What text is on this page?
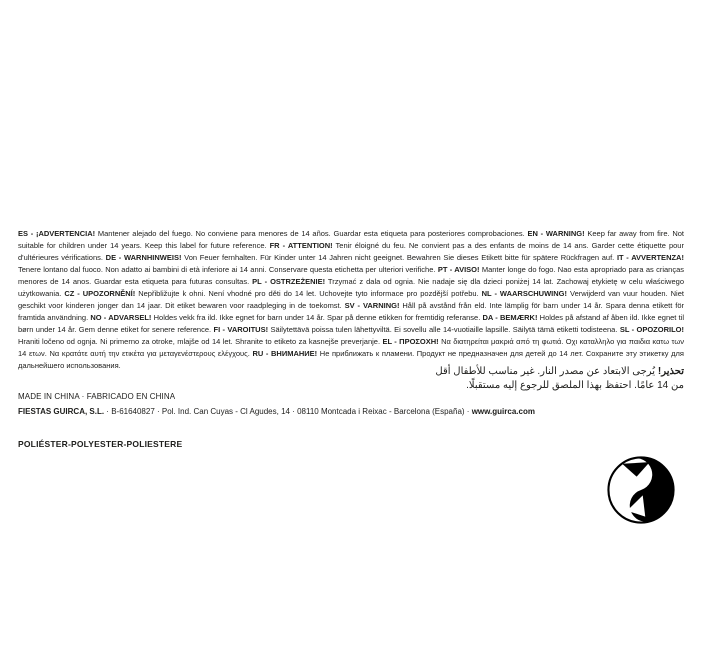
ES - ¡ADVERTENCIA! Mantener alejado del fuego. No conviene para menores de 14 años. Guardar esta etiqueta para posteriores comprobaciones. EN - WARNING! Keep far away from fire. Not suitable for children under 14 years. Keep this label for future reference. FR - ATTENTION! Tenir éloigné du feu. Ne convient pas a des enfants de moins de 14 ans. Garder cette étiquette pour d'ultérieures vérifications. DE - WARNHINWEIS! Von Feuer fernhalten. Für Kinder unter 14 Jahren nicht geeignet. Bewahren Sie dieses Etikett bitte für spätere Rückfragen auf. IT - AVVERTENZA! Tenere lontano dal fuoco. Non adatto ai bambini di età inferiore ai 14 anni. Conservare questa etichetta per ulteriori verifiche. PT - AVISO! Manter longe do fogo. Nao esta apropriado para as crianças menores de 14 anos. Guardar esta etiqueta para futuras consultas. PL - OSTRZEŻENIE! Trzymać z dala od ognia. Nie nadaje się dla dzieci poniżej 14 lat. Zachowaj etykietę w celu właściwego użytkowania. CZ - UPOZORNĚNÍ! Nepřibližujte k ohni. Není vhodné pro děti do 14 let. Uchovejte tyto informace pro pozdější potřebu. NL - WAARSCHUWING! Verwijderd van vuur houden. Niet geschikt voor kinderen jonger dan 14 jaar. Dit etiket bewaren voor raadpleging in de toekomst. SV - VARNING! Håll på avstånd från eld. Inte lämplig för barn under 14 år. Spara denna etikett för framtida användning. NO - ADVARSEL! Holdes vekk fra ild. Ikke egnet for barn under 14 år. Spar på denne etikken for fremtidig referanse. DA - BEMÆRK! Holdes på afstand af åben ild. Ikke egnet til børn under 14 år. Gem denne etiket for senere reference. FI - VAROITUS! Säilytettävä poissa tulen lähettyviltä. Ei sovellu alle 14-vuotiaille lapsille. Säilytä tämä etiketti todisteena. SL - OPOZORILO! Hraniti ločeno od ognja. Ni primerno za otroke, mlajše od 14 let. Shranite to etiketo za kasnejše preverjanje. EL - ΠΡΟΣΟΧΗ! Να διατηρείται μακριά από τη φωτιά. Οχι καταλληλο για παιδια κατω των 14 ετων. Να κρατάτε αυτή την ετικέτα για μεταγενέστερους ελέγχους. RU - ВНИМАНИЕ! Не приближать к пламени. Продукт не предназначен для детей до 14 лет. Сохраните эту этикетку для дальнейшего использования.

تحذير! يُرجى الابتعاد عن مصدر النار. غير مناسب للأطفال أقل
من 14 عامًا. احتفظ بهذا الملصق للرجوع إليه مستقبلًا.

MADE IN CHINA · FABRICADO EN CHINA

FIESTAS GUIRCA, S.L. · B-61640827 · Pol. Ind. Can Cuyas - Cl Agudes, 14 · 08110 Montcada i Reixac - Barcelona (España) · www.guirca.com

POLIÉSTER-POLYESTER-POLIESTERE
